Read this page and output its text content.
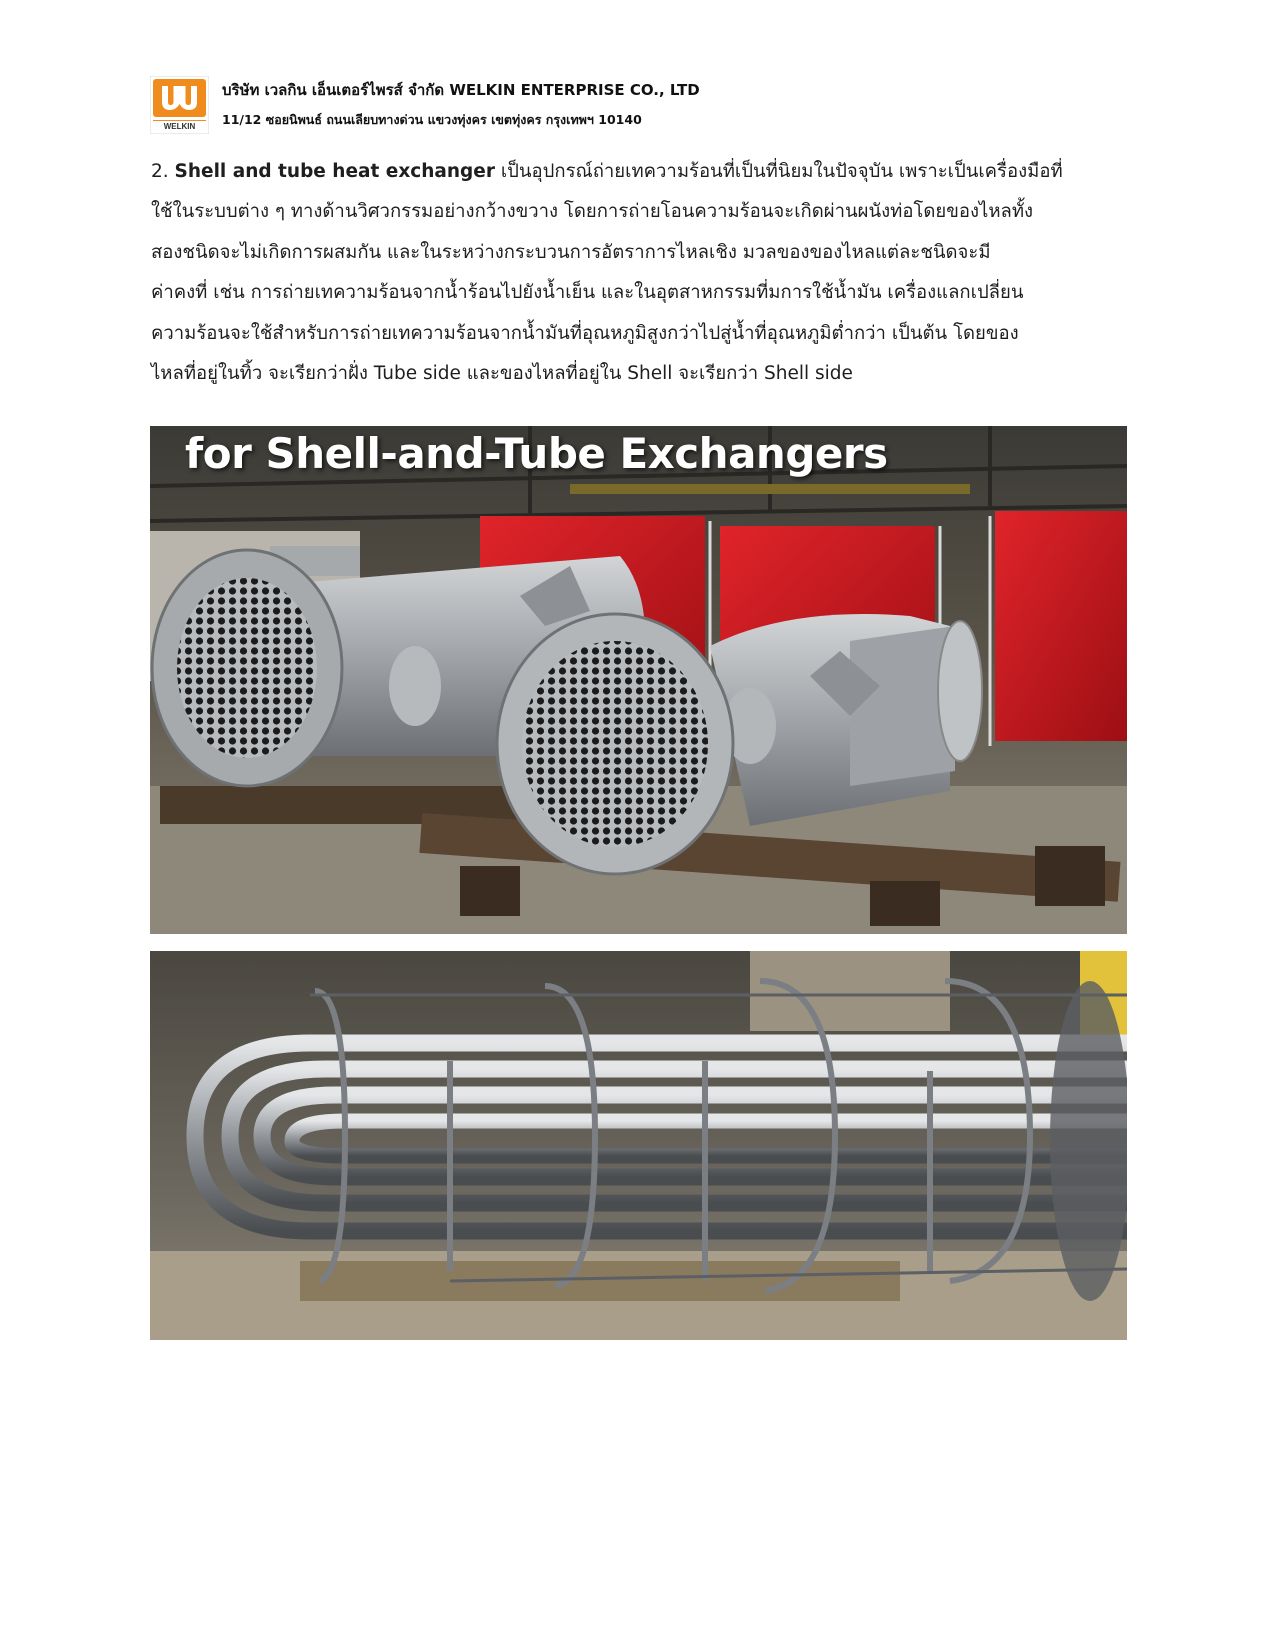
WELKIN
บริษัท เวลกิน เอ็นเตอร์ไพรส์ จำกัด WELKIN ENTERPRISE CO., LTD
11/12 ซอยนิพนธ์ ถนนเลียบทางด่วน แขวงทุ่งคร เขตทุ่งคร กรุงเทพฯ 10140
2. Shell and tube heat exchanger เป็นอุปกรณ์ถ่ายเทความร้อนที่เป็นที่นิยมในปัจจุบัน เพราะเป็นเครื่องมือที่
ใช้ในระบบต่าง ๆ ทางด้านวิศวกรรมอย่างกว้างขวาง โดยการถ่ายโอนความร้อนจะเกิดผ่านผนังท่อโดยของไหลทั้ง
สองชนิดจะไม่เกิดการผสมกัน และในระหว่างกระบวนการอัตราการไหลเชิง มวลของของไหลแต่ละชนิดจะมี
ค่าคงที่ เช่น การถ่ายเทความร้อนจากน้ำร้อนไปยังน้ำเย็น และในอุตสาหกรรมที่มการใช้น้ำมัน เครื่องแลกเปลี่ยน
ความร้อนจะใช้สำหรับการถ่ายเทความร้อนจากน้ำมันที่อุณหภูมิสูงกว่าไปสู่น้ำที่อุณหภูมิต่ำกว่า เป็นต้น โดยของ
ไหลที่อยู่ในทิ้ว จะเรียกว่าฝั่ง Tube side และของไหลที่อยู่ใน Shell จะเรียกว่า Shell side
for Shell-and-Tube Exchangers
